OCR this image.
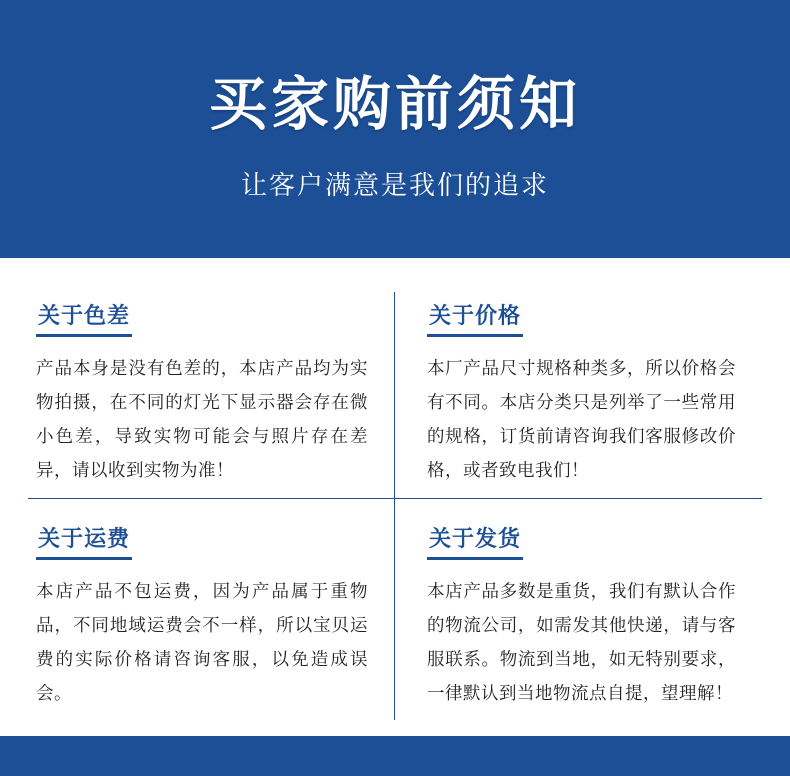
买家购前须知

让客户满意是我们的追求

关于色差

产品本身是没有色差的，本店产品均为实物拍摄，在不同的灯光下显示器会存在微小色差，导致实物可能会与照片存在差异，请以收到实物为准！

关于价格

本厂产品尺寸规格种类多，所以价格会有不同。本店分类只是列举了一些常用的规格，订货前请咨询我们客服修改价格，或者致电我们！

关于运费

本店产品不包运费，因为产品属于重物品，不同地域运费会不一样，所以宝贝运费的实际价格请咨询客服，以免造成误会。

关于发货

本店产品多数是重货，我们有默认合作的物流公司，如需发其他快递，请与客服联系。物流到当地，如无特别要求，一律默认到当地物流点自提，望理解！
